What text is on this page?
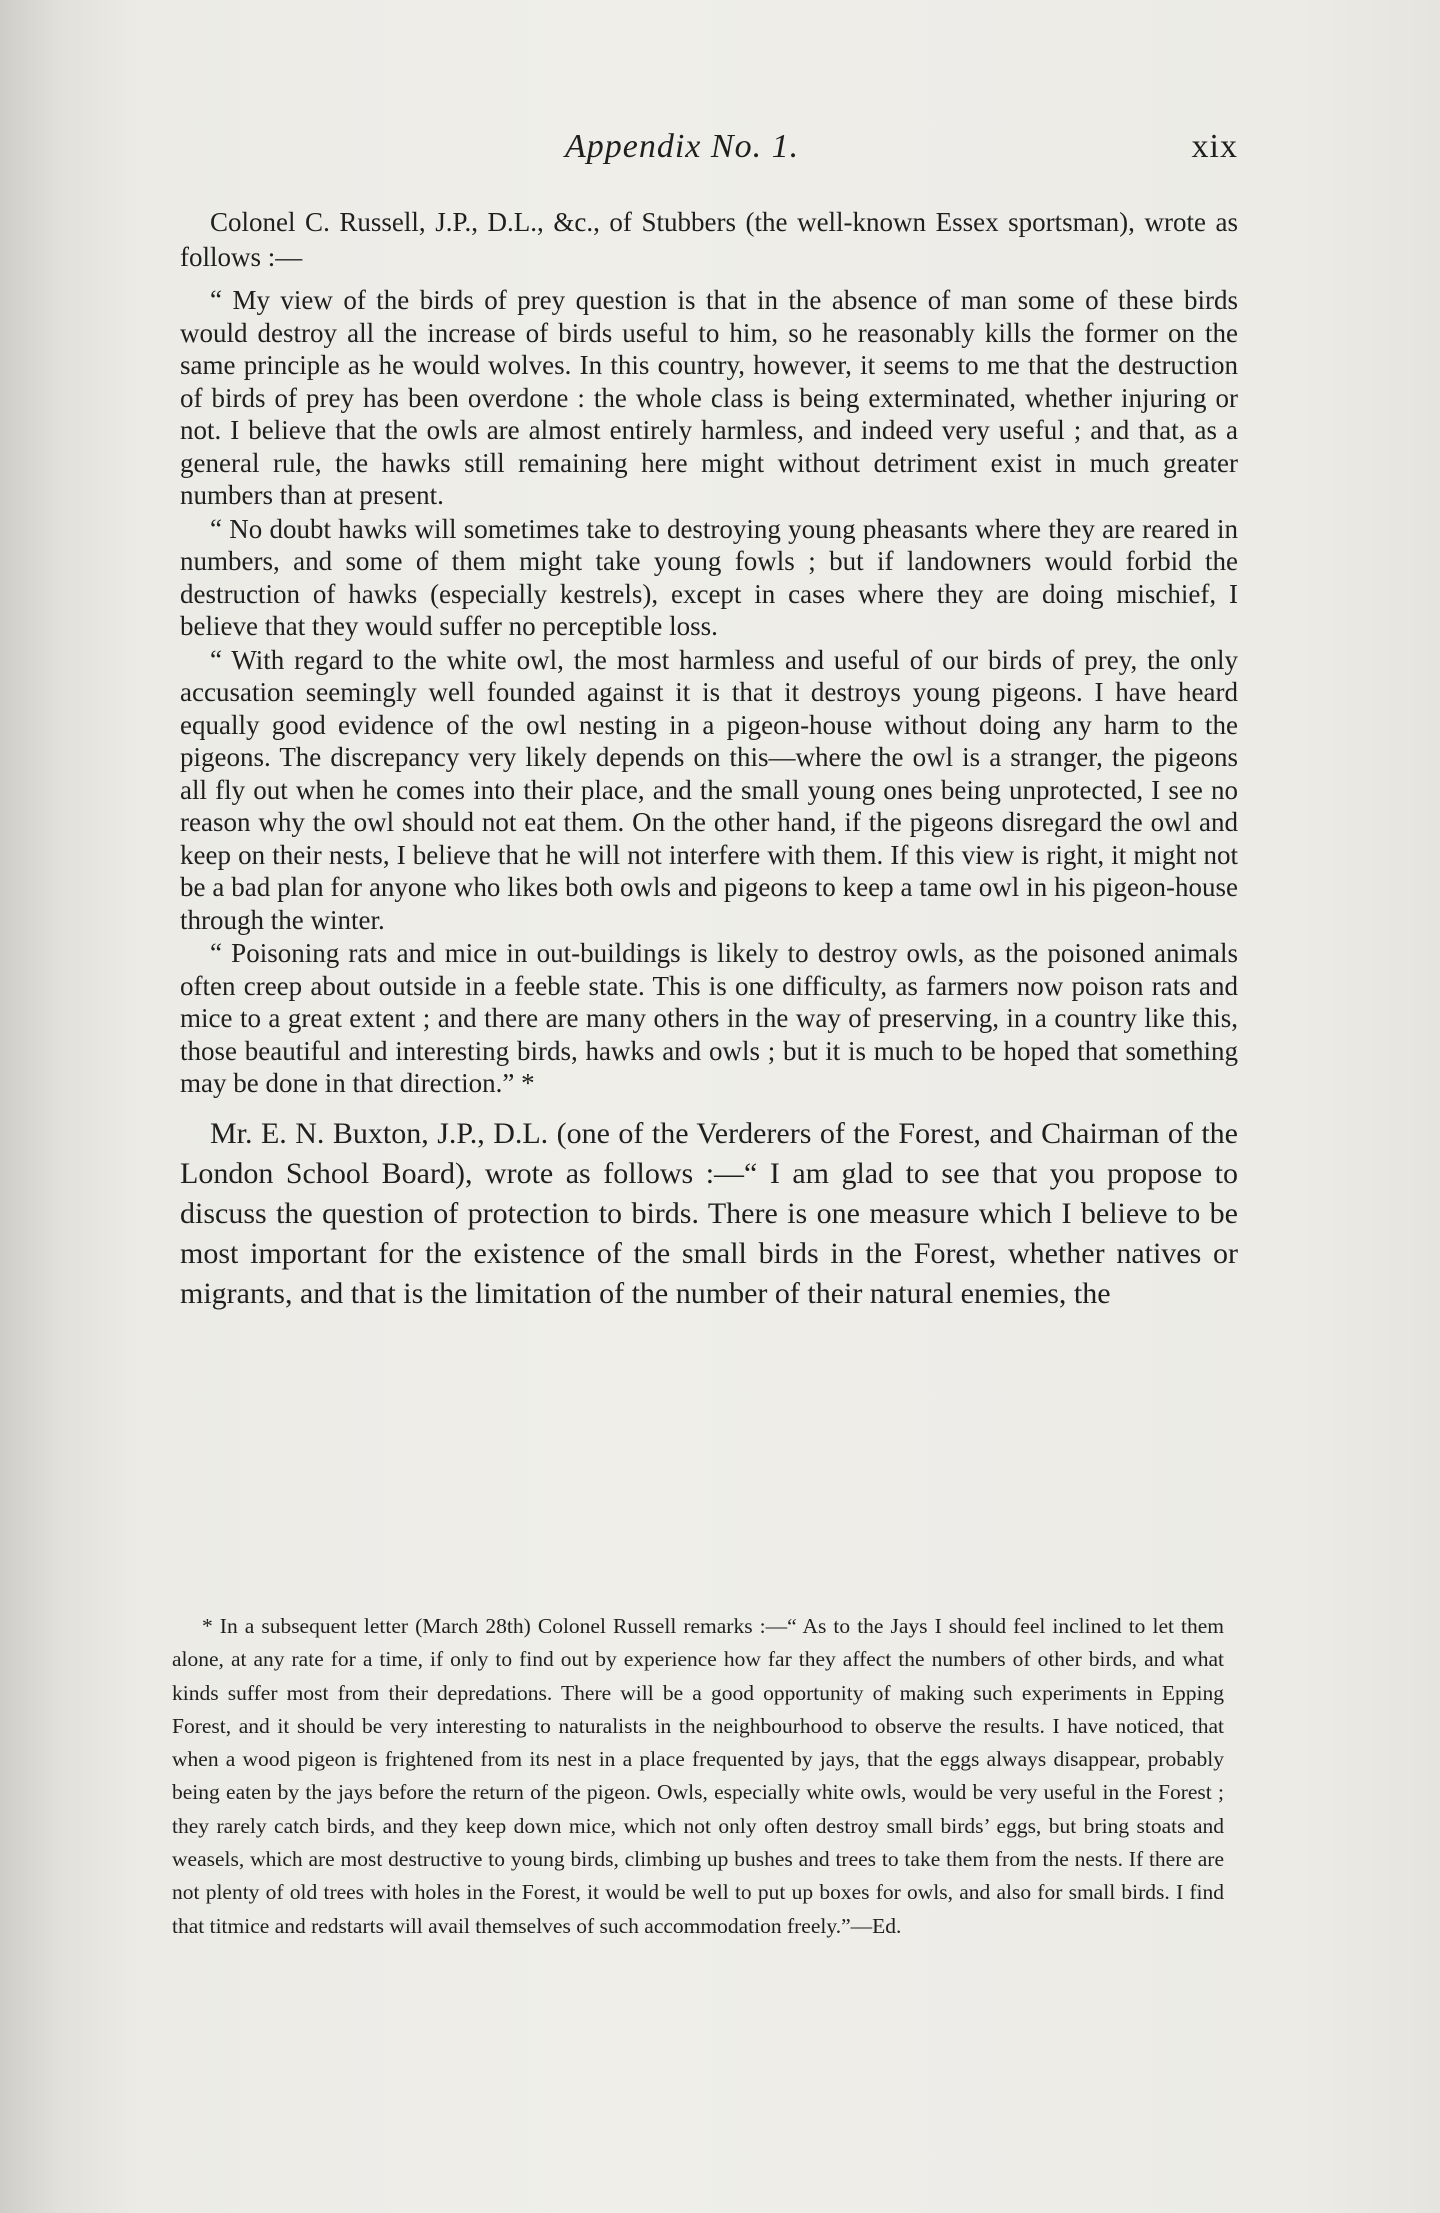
Appendix No. 1.	xix

Colonel C. Russell, J.P., D.L., &c., of Stubbers (the well-known Essex sportsman), wrote as follows :—

“ My view of the birds of prey question is that in the absence of man some of these birds would destroy all the increase of birds useful to him, so he reasonably kills the former on the same principle as he would wolves. In this country, however, it seems to me that the destruction of birds of prey has been overdone : the whole class is being exterminated, whether injuring or not. I believe that the owls are almost entirely harmless, and indeed very useful ; and that, as a general rule, the hawks still remaining here might without detriment exist in much greater numbers than at present.

“ No doubt hawks will sometimes take to destroying young pheasants where they are reared in numbers, and some of them might take young fowls ; but if landowners would forbid the destruction of hawks (especially kestrels), except in cases where they are doing mischief, I believe that they would suffer no perceptible loss.

“ With regard to the white owl, the most harmless and useful of our birds of prey, the only accusation seemingly well founded against it is that it destroys young pigeons. I have heard equally good evidence of the owl nesting in a pigeon-house without doing any harm to the pigeons. The discrepancy very likely depends on this—where the owl is a stranger, the pigeons all fly out when he comes into their place, and the small young ones being unprotected, I see no reason why the owl should not eat them. On the other hand, if the pigeons disregard the owl and keep on their nests, I believe that he will not interfere with them. If this view is right, it might not be a bad plan for anyone who likes both owls and pigeons to keep a tame owl in his pigeon-house through the winter.

“ Poisoning rats and mice in out-buildings is likely to destroy owls, as the poisoned animals often creep about outside in a feeble state. This is one difficulty, as farmers now poison rats and mice to a great extent ; and there are many others in the way of preserving, in a country like this, those beautiful and interesting birds, hawks and owls ; but it is much to be hoped that something may be done in that direction.” *

Mr. E. N. Buxton, J.P., D.L. (one of the Verderers of the Forest, and Chairman of the London School Board), wrote as follows :—“ I am glad to see that you propose to discuss the question of protection to birds. There is one measure which I believe to be most important for the existence of the small birds in the Forest, whether natives or migrants, and that is the limitation of the number of their natural enemies, the

* In a subsequent letter (March 28th) Colonel Russell remarks :—“ As to the Jays I should feel inclined to let them alone, at any rate for a time, if only to find out by experience how far they affect the numbers of other birds, and what kinds suffer most from their depredations. There will be a good opportunity of making such experiments in Epping Forest, and it should be very interesting to naturalists in the neighbourhood to observe the results. I have noticed, that when a wood pigeon is frightened from its nest in a place frequented by jays, that the eggs always disappear, probably being eaten by the jays before the return of the pigeon. Owls, especially white owls, would be very useful in the Forest ; they rarely catch birds, and they keep down mice, which not only often destroy small birds’ eggs, but bring stoats and weasels, which are most destructive to young birds, climbing up bushes and trees to take them from the nests. If there are not plenty of old trees with holes in the Forest, it would be well to put up boxes for owls, and also for small birds. I find that titmice and redstarts will avail themselves of such accommodation freely.”—Ed.
